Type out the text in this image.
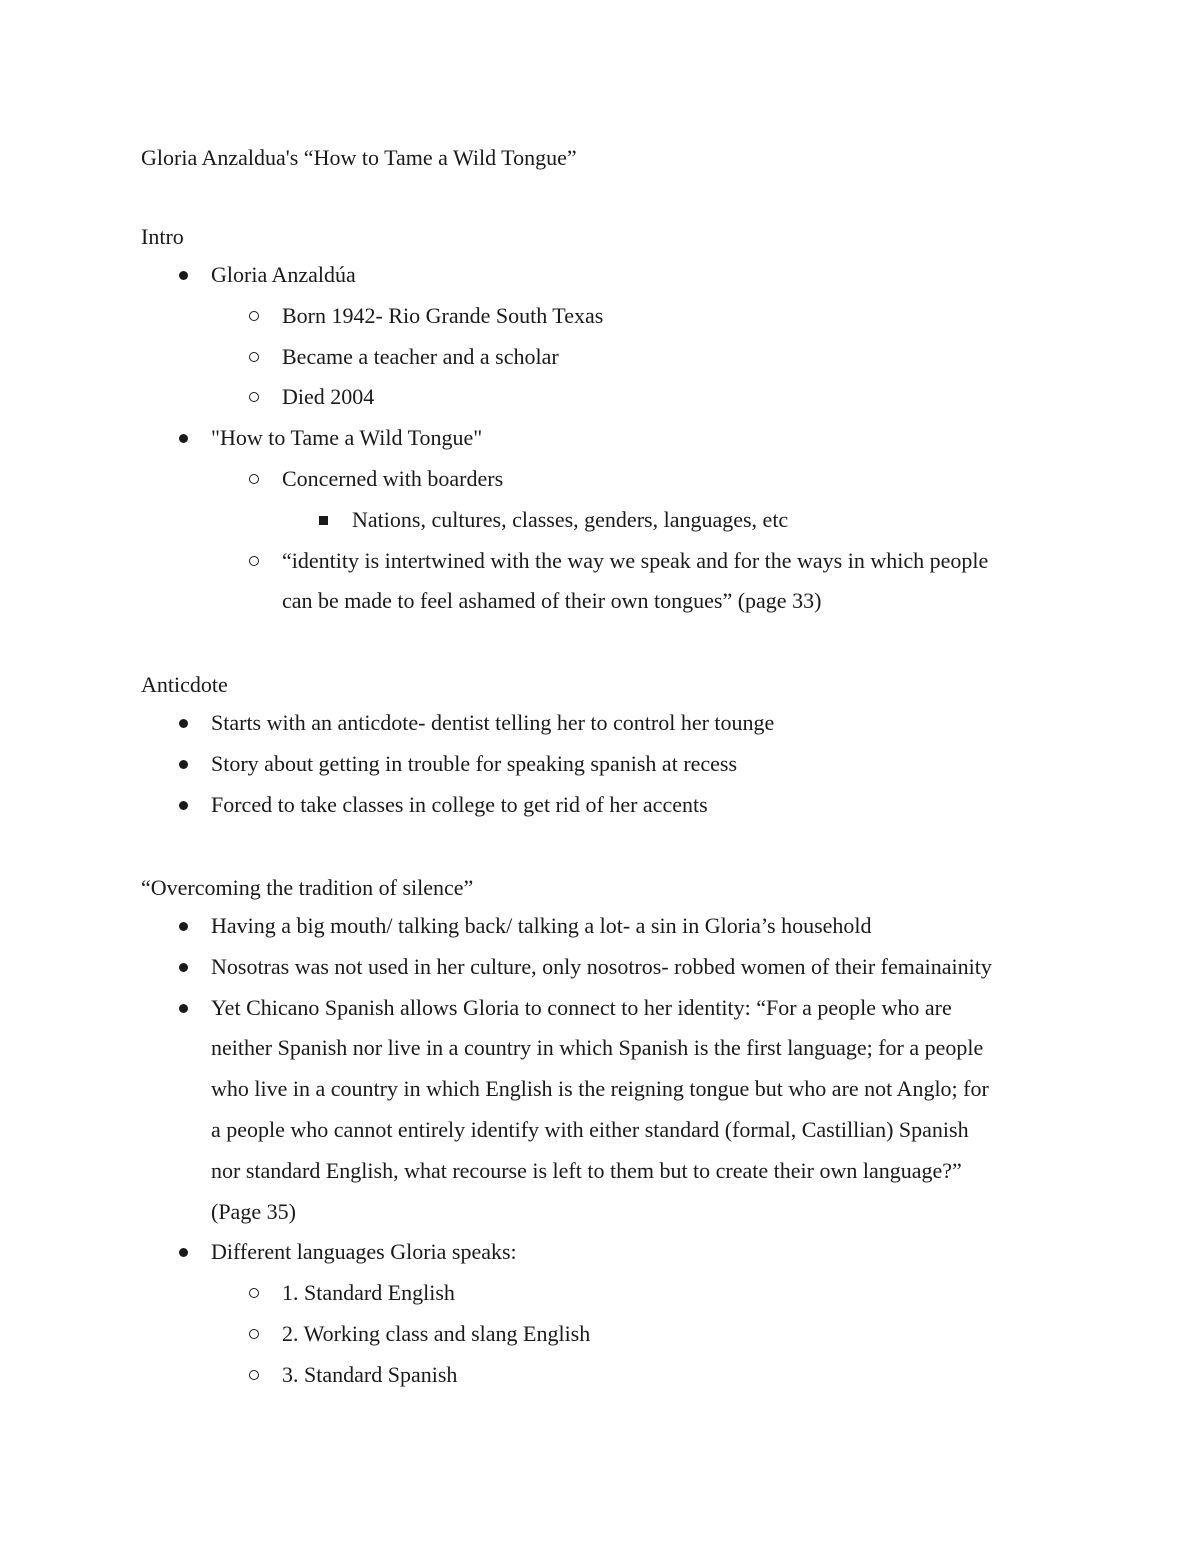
Gloria Anzaldua's “How to Tame a Wild Tongue”
Intro
Gloria Anzaldúa
Born 1942- Rio Grande South Texas
Became a teacher and a scholar
Died 2004
"How to Tame a Wild Tongue"
Concerned with boarders
Nations, cultures, classes, genders, languages, etc
“identity is intertwined with the way we speak and for the ways in which people
can be made to feel ashamed of their own tongues” (page 33)
Anticdote
Starts with an anticdote- dentist telling her to control her tounge
Story about getting in trouble for speaking spanish at recess
Forced to take classes in college to get rid of her accents
“Overcoming the tradition of silence”
Having a big mouth/ talking back/ talking a lot- a sin in Gloria’s household
Nosotras was not used in her culture, only nosotros- robbed women of their femainainity
Yet Chicano Spanish allows Gloria to connect to her identity: “For a people who are
neither Spanish nor live in a country in which Spanish is the first language; for a people
who live in a country in which English is the reigning tongue but who are not Anglo; for
a people who cannot entirely identify with either standard (formal, Castillian) Spanish
nor standard English, what recourse is left to them but to create their own language?”
(Page 35)
Different languages Gloria speaks:
1. Standard English
2. Working class and slang English
3. Standard Spanish
